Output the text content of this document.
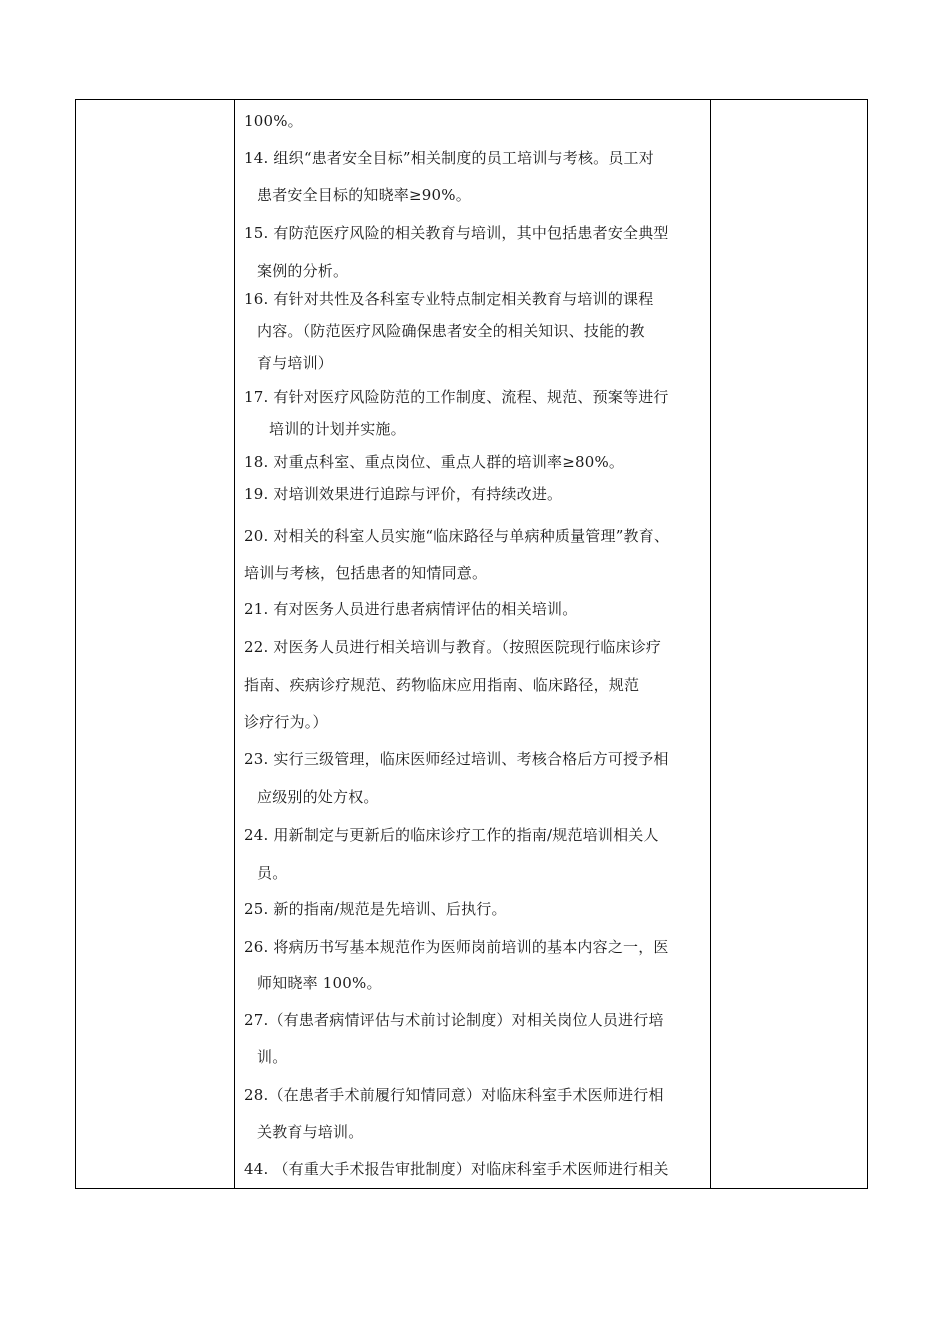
100%。
14. 组织“患者安全目标”相关制度的员工培训与考核。员工对
患者安全目标的知晓率≥90%。
15. 有防范医疗风险的相关教育与培训，其中包括患者安全典型
案例的分析。
16. 有针对共性及各科室专业特点制定相关教育与培训的课程
内容。（防范医疗风险确保患者安全的相关知识、技能的教
育与培训）
17. 有针对医疗风险防范的工作制度、流程、规范、预案等进行
培训的计划并实施。
18. 对重点科室、重点岗位、重点人群的培训率≥80%。
19. 对培训效果进行追踪与评价，有持续改进。
20. 对相关的科室人员实施“临床路径与单病种质量管理”教育、
培训与考核，包括患者的知情同意。
21. 有对医务人员进行患者病情评估的相关培训。
22. 对医务人员进行相关培训与教育。（按照医院现行临床诊疗
指南、疾病诊疗规范、药物临床应用指南、临床路径，规范
诊疗行为。）
23. 实行三级管理，临床医师经过培训、考核合格后方可授予相
应级别的处方权。
24. 用新制定与更新后的临床诊疗工作的指南/规范培训相关人
员。
25. 新的指南/规范是先培训、后执行。
26. 将病历书写基本规范作为医师岗前培训的基本内容之一，医
师知晓率 100%。
27.（有患者病情评估与术前讨论制度）对相关岗位人员进行培
训。
28.（在患者手术前履行知情同意）对临床科室手术医师进行相
关教育与培训。
44. （有重大手术报告审批制度）对临床科室手术医师进行相关
